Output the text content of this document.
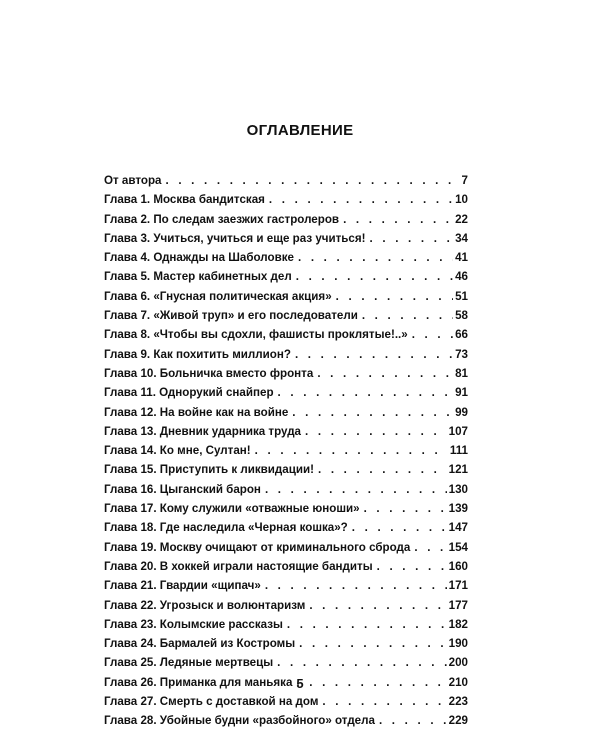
ОГЛАВЛЕНИЕ
От автора . . .	7
Глава 1. Москва бандитская . . .	10
Глава 2. По следам заезжих гастролеров . . .	22
Глава 3. Учиться, учиться и еще раз учиться! . . .	34
Глава 4. Однажды на Шаболовке . . .	41
Глава 5. Мастер кабинетных дел . . .	46
Глава 6. «Гнусная политическая акция» . . .	51
Глава 7. «Живой труп» и его последователи . . .	58
Глава 8. «Чтобы вы сдохли, фашисты проклятые!..» . . .	66
Глава 9. Как похитить миллион? . . .	73
Глава 10. Больничка вместо фронта . . .	81
Глава 11. Однорукий снайпер . . .	91
Глава 12. На войне как на войне . . .	99
Глава 13. Дневник ударника труда . . .	107
Глава 14. Ко мне, Султан! . . .	111
Глава 15. Приступить к ликвидации! . . .	121
Глава 16. Цыганский барон . . .	130
Глава 17. Кому служили «отважные юноши» . . .	139
Глава 18. Где наследила «Черная кошка»? . . .	147
Глава 19. Москву очищают от криминального сброда . . .	154
Глава 20. В хоккей играли настоящие бандиты . . .	160
Глава 21. Гвардии «щипач» . . .	171
Глава 22. Угрозыск и волюнтаризм . . .	177
Глава 23. Колымские рассказы . . .	182
Глава 24. Бармалей из Костромы . . .	190
Глава 25. Ледяные мертвецы . . .	200
Глава 26. Приманка для маньяка . . .	210
Глава 27. Смерть с доставкой на дом . . .	223
Глава 28. Убойные будни «разбойного» отдела . . .	229
5
